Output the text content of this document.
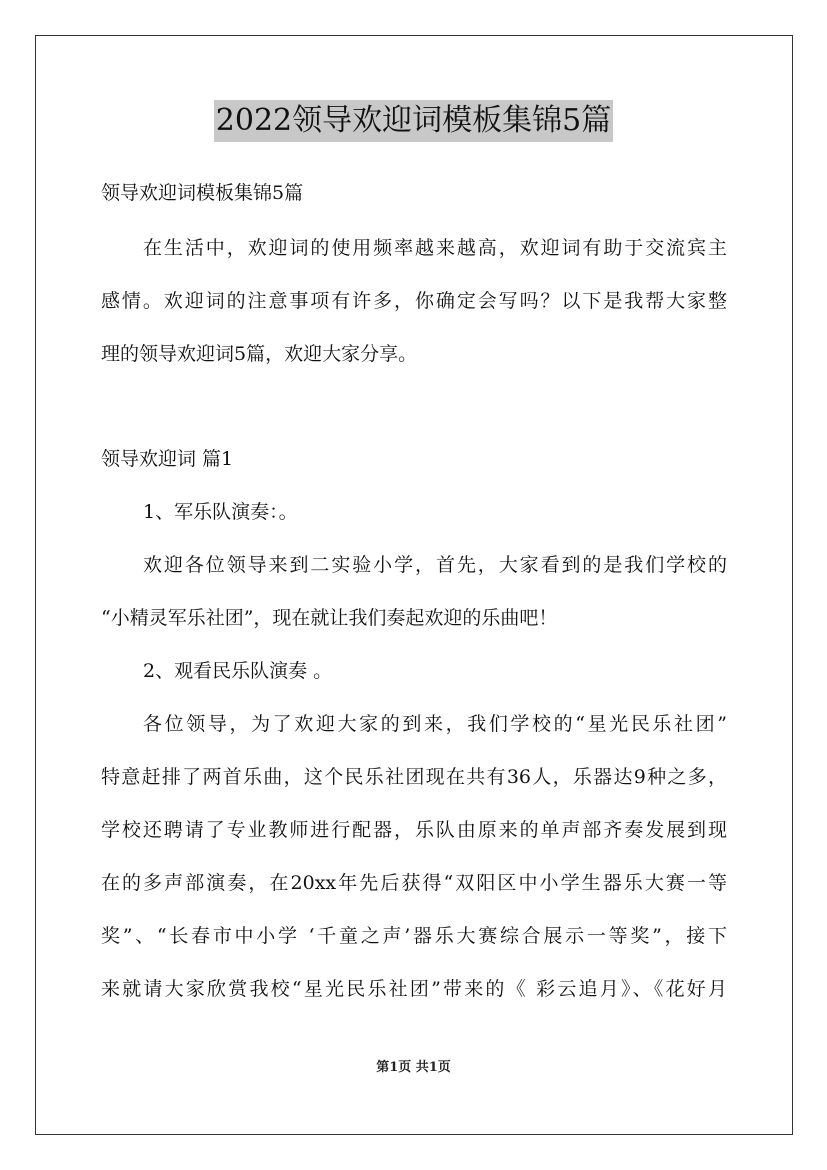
2022领导欢迎词模板集锦5篇
领导欢迎词模板集锦5篇
在生活中，欢迎词的使用频率越来越高，欢迎词有助于交流宾主
感情。欢迎词的注意事项有许多，你确定会写吗？以下是我帮大家整
理的领导欢迎词5篇，欢迎大家分享。
领导欢迎词 篇1
1、军乐队演奏：。
欢迎各位领导来到二实验小学，首先，大家看到的是我们学校的
“小精灵军乐社团”，现在就让我们奏起欢迎的乐曲吧！
2、观看民乐队演奏 。
各位领导，为了欢迎大家的到来，我们学校的“星光民乐社团”
特意赶排了两首乐曲，这个民乐社团现在共有36人，乐器达9种之多，
学校还聘请了专业教师进行配器，乐队由原来的单声部齐奏发展到现
在的多声部演奏，在20xx年先后获得“双阳区中小学生器乐大赛一等
奖”、“长春市中小学 ‘千童之声’器乐大赛综合展示一等奖”，接下
来就请大家欣赏我校“星光民乐社团”带来的《 彩云追月》、《花好月
第1页 共1页
